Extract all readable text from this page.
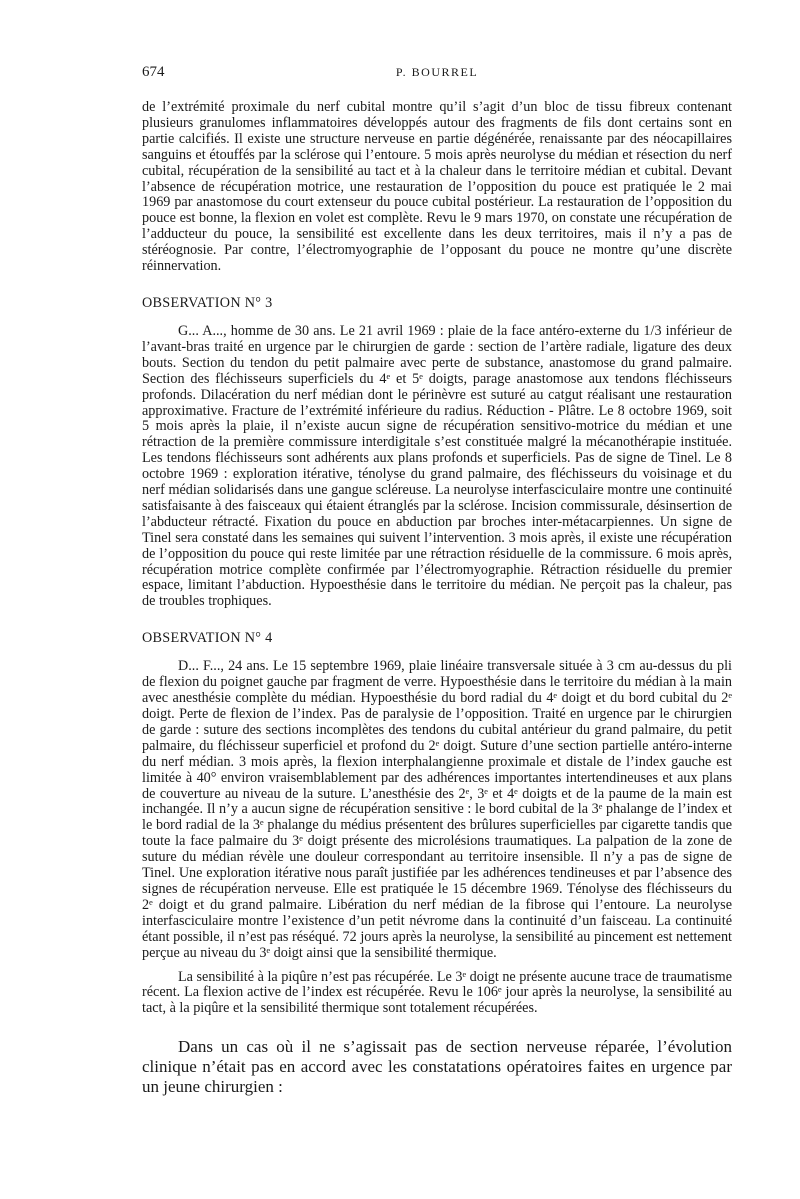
674	P. BOURREL

de l’extrémité proximale du nerf cubital montre qu’il s’agit d’un bloc de tissu fibreux contenant plusieurs granulomes inflammatoires développés autour des fragments de fils dont certains sont en partie calcifiés. Il existe une structure nerveuse en partie dégénérée, renaissante par des néocapillaires sanguins et étouffés par la sclérose qui l’entoure. 5 mois après neurolyse du médian et résection du nerf cubital, récupération de la sensibilité au tact et à la chaleur dans le territoire médian et cubital. Devant l’absence de récupération motrice, une restauration de l’opposition du pouce est pratiquée le 2 mai 1969 par anastomose du court extenseur du pouce cubital postérieur. La restauration de l’opposition du pouce est bonne, la flexion en volet est complète. Revu le 9 mars 1970, on constate une récupération de l’adducteur du pouce, la sensibilité est excellente dans les deux territoires, mais il n’y a pas de stéréognosie. Par contre, l’électromyographie de l’opposant du pouce ne montre qu’une discrète réinnervation.

OBSERVATION N° 3

G... A..., homme de 30 ans. Le 21 avril 1969 : plaie de la face antéro-externe du 1/3 inférieur de l’avant-bras traité en urgence par le chirurgien de garde : section de l’artère radiale, ligature des deux bouts. Section du tendon du petit palmaire avec perte de substance, anastomose du grand palmaire. Section des fléchisseurs superficiels du 4ᵉ et 5ᵉ doigts, parage anastomose aux tendons fléchisseurs profonds. Dilacération du nerf médian dont le périnèvre est suturé au catgut réalisant une restauration approximative. Fracture de l’extrémité inférieure du radius. Réduction - Plâtre. Le 8 octobre 1969, soit 5 mois après la plaie, il n’existe aucun signe de récupération sensitivo-motrice du médian et une rétraction de la première commissure interdigitale s’est constituée malgré la mécanothérapie instituée. Les tendons fléchisseurs sont adhérents aux plans profonds et superficiels. Pas de signe de Tinel. Le 8 octobre 1969 : exploration itérative, ténolyse du grand palmaire, des fléchisseurs du voisinage et du nerf médian solidarisés dans une gangue scléreuse. La neurolyse interfasciculaire montre une continuité satisfaisante à des faisceaux qui étaient étranglés par la sclérose. Incision commissurale, désinsertion de l’abducteur rétracté. Fixation du pouce en abduction par broches inter-métacarpiennes. Un signe de Tinel sera constaté dans les semaines qui suivent l’intervention. 3 mois après, il existe une récupération de l’opposition du pouce qui reste limitée par une rétraction résiduelle de la commissure. 6 mois après, récupération motrice complète confirmée par l’électromyographie. Rétraction résiduelle du premier espace, limitant l’abduction. Hypoesthésie dans le territoire du médian. Ne perçoit pas la chaleur, pas de troubles trophiques.

OBSERVATION N° 4

D... F..., 24 ans. Le 15 septembre 1969, plaie linéaire transversale située à 3 cm au-dessus du pli de flexion du poignet gauche par fragment de verre. Hypoesthésie dans le territoire du médian à la main avec anesthésie complète du médian. Hypoesthésie du bord radial du 4ᵉ doigt et du bord cubital du 2ᵉ doigt. Perte de flexion de l’index. Pas de paralysie de l’opposition. Traité en urgence par le chirurgien de garde : suture des sections incomplètes des tendons du cubital antérieur du grand palmaire, du petit palmaire, du fléchisseur superficiel et profond du 2ᵉ doigt. Suture d’une section partielle antéro-interne du nerf médian. 3 mois après, la flexion interphalangienne proximale et distale de l’index gauche est limitée à 40° environ vraisemblablement par des adhérences importantes intertendineuses et aux plans de couverture au niveau de la suture. L’anesthésie des 2ᵉ, 3ᵉ et 4ᵉ doigts et de la paume de la main est inchangée. Il n’y a aucun signe de récupération sensitive : le bord cubital de la 3ᵉ phalange de l’index et le bord radial de la 3ᵉ phalange du médius présentent des brûlures superficielles par cigarette tandis que toute la face palmaire du 3ᵉ doigt présente des microlésions traumatiques. La palpation de la zone de suture du médian révèle une douleur correspondant au territoire insensible. Il n’y a pas de signe de Tinel. Une exploration itérative nous paraît justifiée par les adhérences tendineuses et par l’absence des signes de récupération nerveuse. Elle est pratiquée le 15 décembre 1969. Ténolyse des fléchisseurs du 2ᵉ doigt et du grand palmaire. Libération du nerf médian de la fibrose qui l’entoure. La neurolyse interfasciculaire montre l’existence d’un petit névrome dans la continuité d’un faisceau. La continuité étant possible, il n’est pas réséqué. 72 jours après la neurolyse, la sensibilité au pincement est nettement perçue au niveau du 3ᵉ doigt ainsi que la sensibilité thermique.

La sensibilité à la piqûre n’est pas récupérée. Le 3ᵉ doigt ne présente aucune trace de traumatisme récent. La flexion active de l’index est récupérée. Revu le 106ᵉ jour après la neurolyse, la sensibilité au tact, à la piqûre et la sensibilité thermique sont totalement récupérées.

Dans un cas où il ne s’agissait pas de section nerveuse réparée, l’évolution clinique n’était pas en accord avec les constatations opératoires faites en urgence par un jeune chirurgien :
